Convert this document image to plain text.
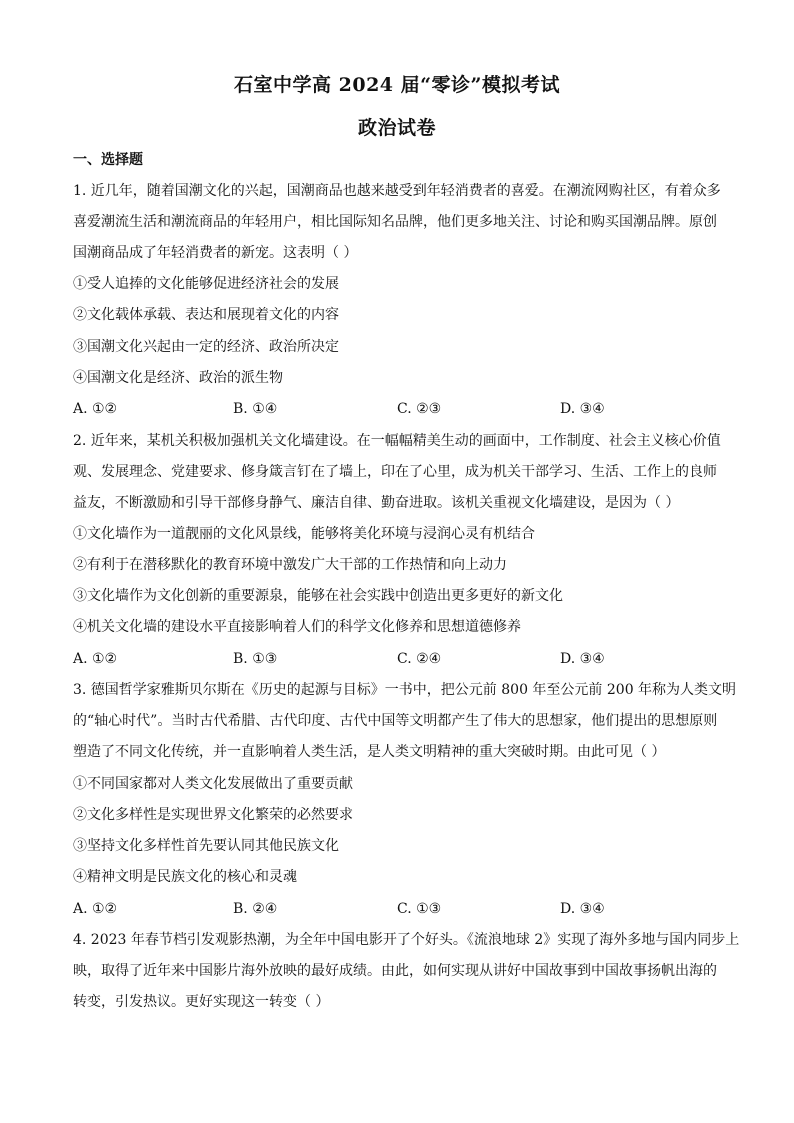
石室中学高 2024 届“零诊”模拟考试
政治试卷
一、选择题
1. 近几年，随着国潮文化的兴起，国潮商品也越来越受到年轻消费者的喜爱。在潮流网购社区，有着众多
喜爱潮流生活和潮流商品的年轻用户，相比国际知名品牌，他们更多地关注、讨论和购买国潮品牌。原创
国潮商品成了年轻消费者的新宠。这表明（ ）
①受人追捧的文化能够促进经济社会的发展
②文化载体承载、表达和展现着文化的内容
③国潮文化兴起由一定的经济、政治所决定
④国潮文化是经济、政治的派生物
A. ①②	B. ①④	C. ②③	D. ③④
2. 近年来，某机关积极加强机关文化墙建设。在一幅幅精美生动的画面中，工作制度、社会主义核心价值
观、发展理念、党建要求、修身箴言钉在了墙上，印在了心里，成为机关干部学习、生活、工作上的良师
益友，不断激励和引导干部修身静气、廉洁自律、勤奋进取。该机关重视文化墙建设，是因为（ ）
①文化墙作为一道靓丽的文化风景线，能够将美化环境与浸润心灵有机结合
②有利于在潜移默化的教育环境中激发广大干部的工作热情和向上动力
③文化墙作为文化创新的重要源泉，能够在社会实践中创造出更多更好的新文化
④机关文化墙的建设水平直接影响着人们的科学文化修养和思想道德修养
A. ①②	B. ①③	C. ②④	D. ③④
3. 德国哲学家雅斯贝尔斯在《历史的起源与目标》一书中，把公元前 800 年至公元前 200 年称为人类文明
的“轴心时代”。当时古代希腊、古代印度、古代中国等文明都产生了伟大的思想家，他们提出的思想原则
塑造了不同文化传统，并一直影响着人类生活，是人类文明精神的重大突破时期。由此可见（ ）
①不同国家都对人类文化发展做出了重要贡献
②文化多样性是实现世界文化繁荣的必然要求
③坚持文化多样性首先要认同其他民族文化
④精神文明是民族文化的核心和灵魂
A. ①②	B. ②④	C. ①③	D. ③④
4. 2023 年春节档引发观影热潮，为全年中国电影开了个好头。《流浪地球 2》实现了海外多地与国内同步上
映，取得了近年来中国影片海外放映的最好成绩。由此，如何实现从讲好中国故事到中国故事扬帆出海的
转变，引发热议。更好实现这一转变（ ）
